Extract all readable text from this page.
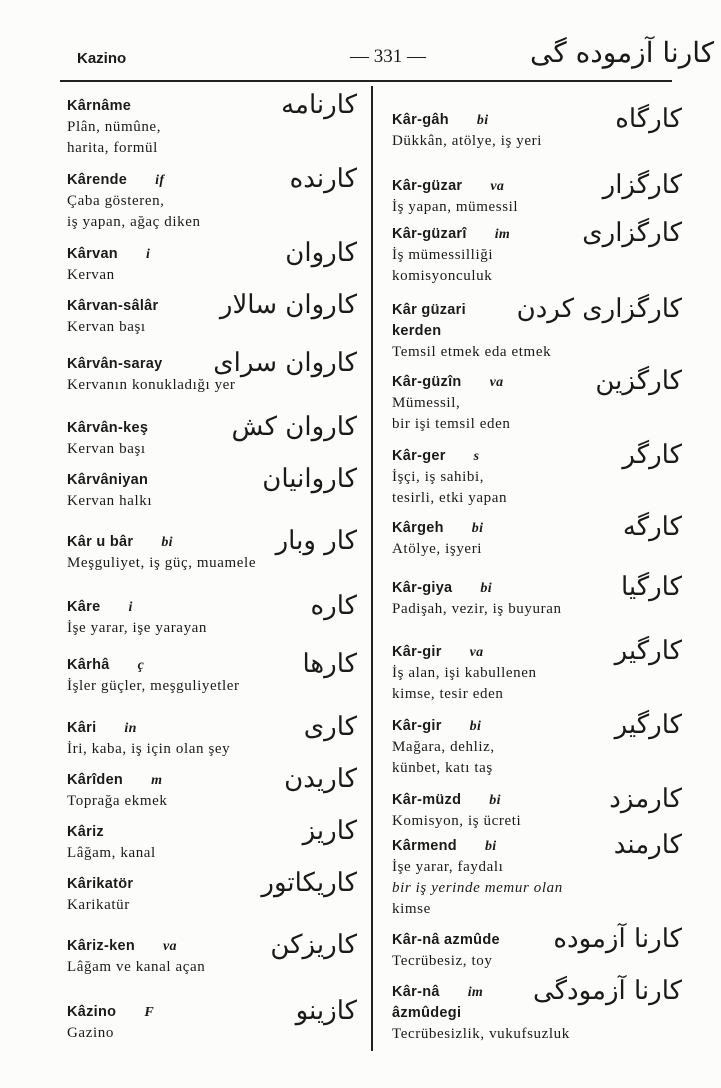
Kazino	— 331 —	كارنا آزموده گی
Kârnâme
Plân, nümûne,
harita, formül
كارنامه
Kârende if
Çaba gösteren,
iş yapan, ağaç diken
كارنده
Kârvan i
Kervan
كاروان
Kârvan-sâlâr
Kervan başı
كاروان سالار
Kârvân-saray
Kervanın konukladığı yer
كاروان سراى
Kârvân-keş
Kervan başı
كاروان كش
Kârvâniyan
Kervan halkı
كاروانيان
Kâr u bâr bi
Meşguliyet, iş güç, muamele
كار وبار
Kâre i
İşe yarar, işe yarayan
كاره
Kârhâ ç
İşler güçler, meşguliyetler
كارها
Kâri in
İri, kaba, iş için olan şey
كارى
Kârîden m
Toprağa ekmek
كاريدن
Kâriz
Lâğam, kanal
كاريز
Kârikatör
Karikatür
كاريكاتور
Kâriz-ken va
Lâğam ve kanal açan
كاريزكن
Kâzino F
Gazino
كازينو
Kâr-gâh bi
Dükkân, atölye, iş yeri
كارگاه
Kâr-güzar va
İş yapan, mümessil
كارگزار
Kâr-güzarî im
İş mümessilliği
komisyonculuk
كارگزارى
Kâr güzari
kerden
Temsil etmek eda etmek
كارگزارى كردن
Kâr-güzîn va
Mümessil,
bir işi temsil eden
كارگزين
Kâr-ger s
İşçi, iş sahibi,
tesirli, etki yapan
كارگر
Kârgeh bi
Atölye, işyeri
كارگه
Kâr-giya bi
Padişah, vezir, iş buyuran
كارگيا
Kâr-gir va
İş alan, işi kabullenen
kimse, tesir eden
كارگير
Kâr-gir bi
Mağara, dehliz,
künbet, katı taş
كارگير
Kâr-müzd bi
Komisyon, iş ücreti
كارمزد
Kârmend bi
İşe yarar, faydalı
bir iş yerinde memur olan
kimse
كارمند
Kâr-nâ azmûde
Tecrübesiz, toy
كارنا آزموده
Kâr-nâ im
âzmûdegi
Tecrübesizlik, vukufsuzluk
كارنا آزمودگی
